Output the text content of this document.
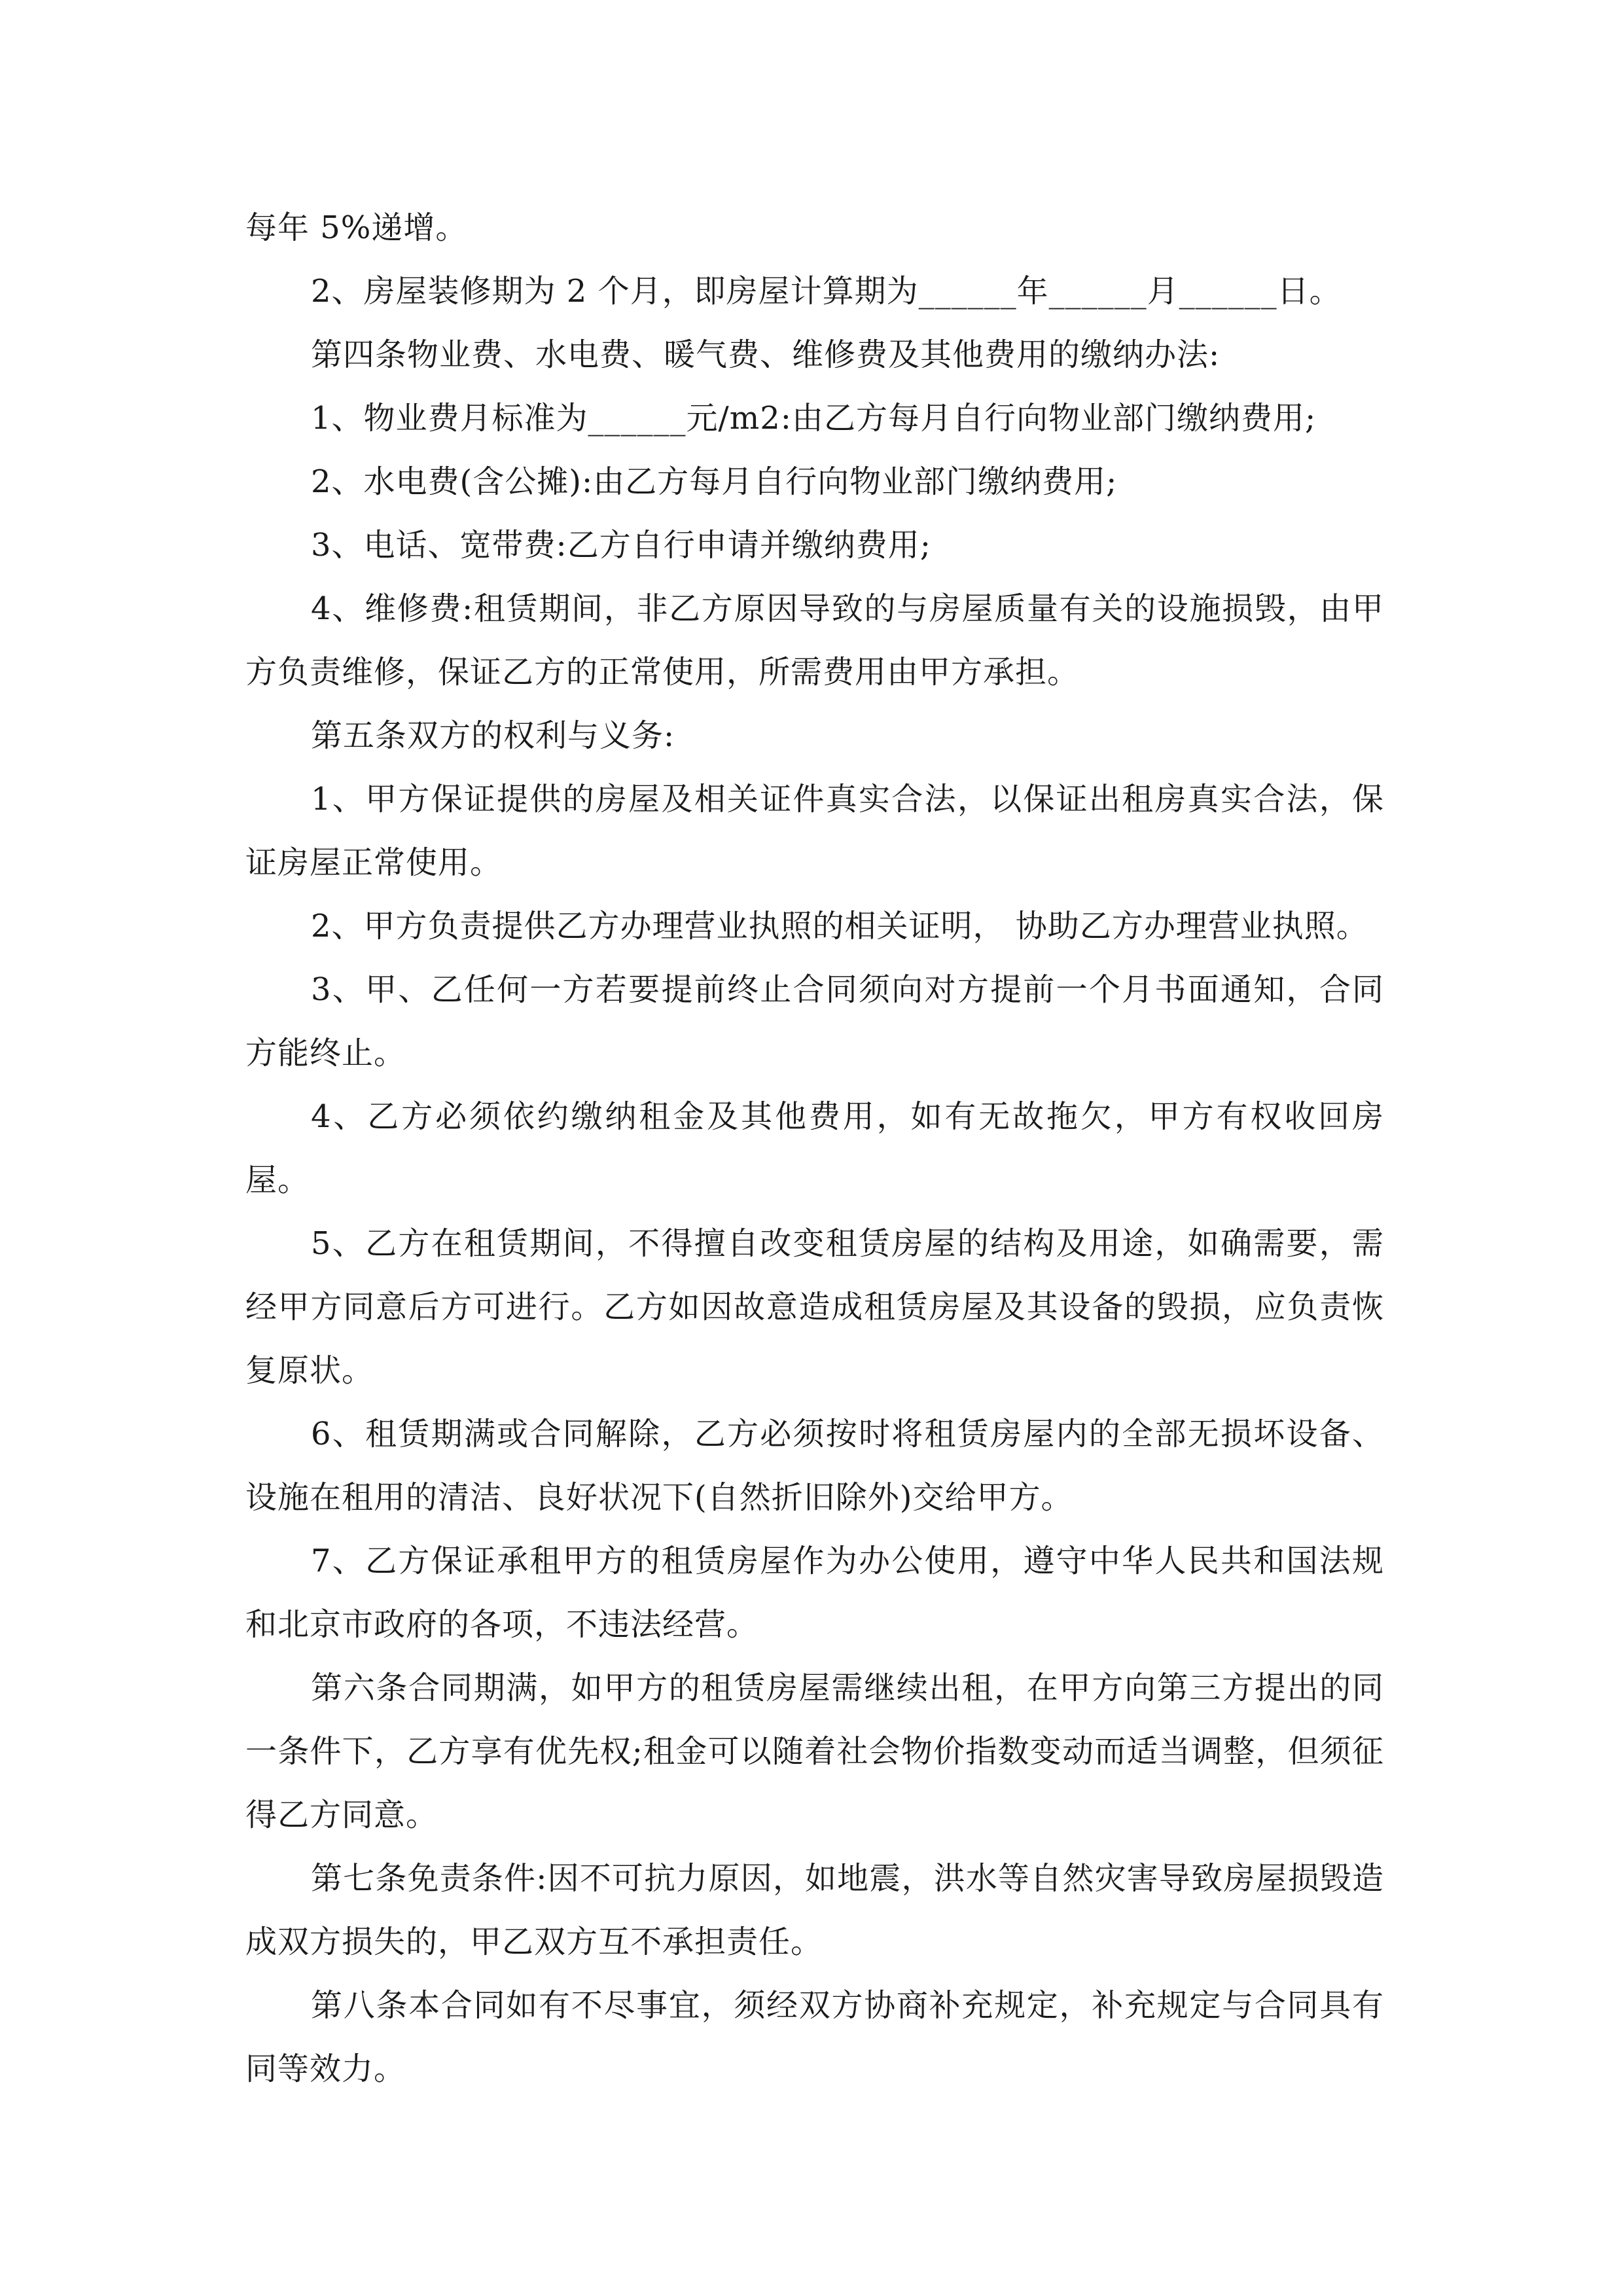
每年 5%递增。

2、房屋装修期为 2 个月，即房屋计算期为______年______月______日。

第四条物业费、水电费、暖气费、维修费及其他费用的缴纳办法:

1、物业费月标准为______元/m2:由乙方每月自行向物业部门缴纳费用;

2、水电费(含公摊):由乙方每月自行向物业部门缴纳费用;

3、电话、宽带费:乙方自行申请并缴纳费用;

4、维修费:租赁期间，非乙方原因导致的与房屋质量有关的设施损毁，由甲方负责维修，保证乙方的正常使用，所需费用由甲方承担。

第五条双方的权利与义务:

1、甲方保证提供的房屋及相关证件真实合法，以保证出租房真实合法，保证房屋正常使用。

2、甲方负责提供乙方办理营业执照的相关证明， 协助乙方办理营业执照。

3、甲、乙任何一方若要提前终止合同须向对方提前一个月书面通知，合同方能终止。

4、乙方必须依约缴纳租金及其他费用，如有无故拖欠，甲方有权收回房屋。

5、乙方在租赁期间，不得擅自改变租赁房屋的结构及用途，如确需要，需经甲方同意后方可进行。乙方如因故意造成租赁房屋及其设备的毁损，应负责恢复原状。

6、租赁期满或合同解除，乙方必须按时将租赁房屋内的全部无损坏设备、设施在租用的清洁、良好状况下(自然折旧除外)交给甲方。

7、乙方保证承租甲方的租赁房屋作为办公使用，遵守中华人民共和国法规和北京市政府的各项，不违法经营。

第六条合同期满，如甲方的租赁房屋需继续出租，在甲方向第三方提出的同一条件下，乙方享有优先权;租金可以随着社会物价指数变动而适当调整，但须征得乙方同意。

第七条免责条件:因不可抗力原因，如地震，洪水等自然灾害导致房屋损毁造成双方损失的，甲乙双方互不承担责任。

第八条本合同如有不尽事宜，须经双方协商补充规定，补充规定与合同具有同等效力。
